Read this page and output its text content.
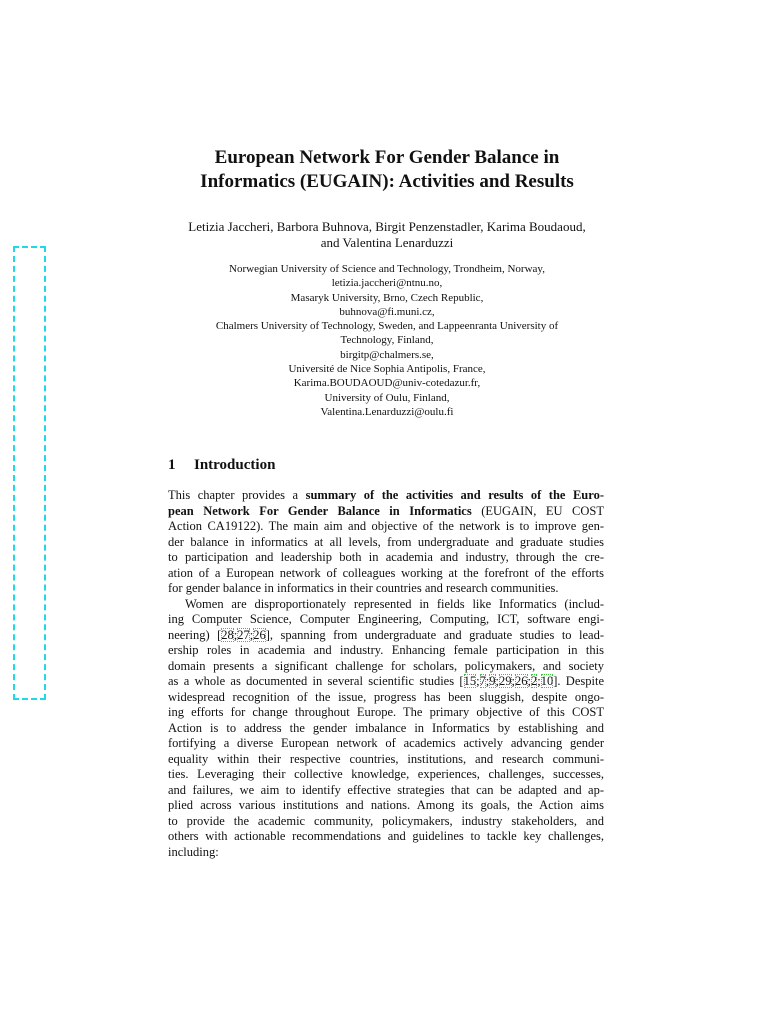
European Network For Gender Balance in
Informatics (EUGAIN): Activities and Results
Letizia Jaccheri, Barbora Buhnova, Birgit Penzenstadler, Karima Boudaoud,
and Valentina Lenarduzzi
Norwegian University of Science and Technology, Trondheim, Norway,
letizia.jaccheri@ntnu.no,
Masaryk University, Brno, Czech Republic,
buhnova@fi.muni.cz,
Chalmers University of Technology, Sweden, and Lappeenranta University of
Technology, Finland,
birgitp@chalmers.se,
Université de Nice Sophia Antipolis, France,
Karima.BOUDAOUD@univ-cotedazur.fr,
University of Oulu, Finland,
Valentina.Lenarduzzi@oulu.fi
1 Introduction
This chapter provides a summary of the activities and results of the Euro-
pean Network For Gender Balance in Informatics (EUGAIN, EU COST
Action CA19122). The main aim and objective of the network is to improve gen-
der balance in informatics at all levels, from undergraduate and graduate studies
to participation and leadership both in academia and industry, through the cre-
ation of a European network of colleagues working at the forefront of the efforts
for gender balance in informatics in their countries and research communities.
Women are disproportionately represented in fields like Informatics (includ-
ing Computer Science, Computer Engineering, Computing, ICT, software engi-
neering) [28;27;26], spanning from undergraduate and graduate studies to lead-
ership roles in academia and industry. Enhancing female participation in this
domain presents a significant challenge for scholars, policymakers, and society
as a whole as documented in several scientific studies [15;7;9;29;26;2;10]. Despite
widespread recognition of the issue, progress has been sluggish, despite ongo-
ing efforts for change throughout Europe. The primary objective of this COST
Action is to address the gender imbalance in Informatics by establishing and
fortifying a diverse European network of academics actively advancing gender
equality within their respective countries, institutions, and research communi-
ties. Leveraging their collective knowledge, experiences, challenges, successes,
and failures, we aim to identify effective strategies that can be adapted and ap-
plied across various institutions and nations. Among its goals, the Action aims
to provide the academic community, policymakers, industry stakeholders, and
others with actionable recommendations and guidelines to tackle key challenges,
including:
